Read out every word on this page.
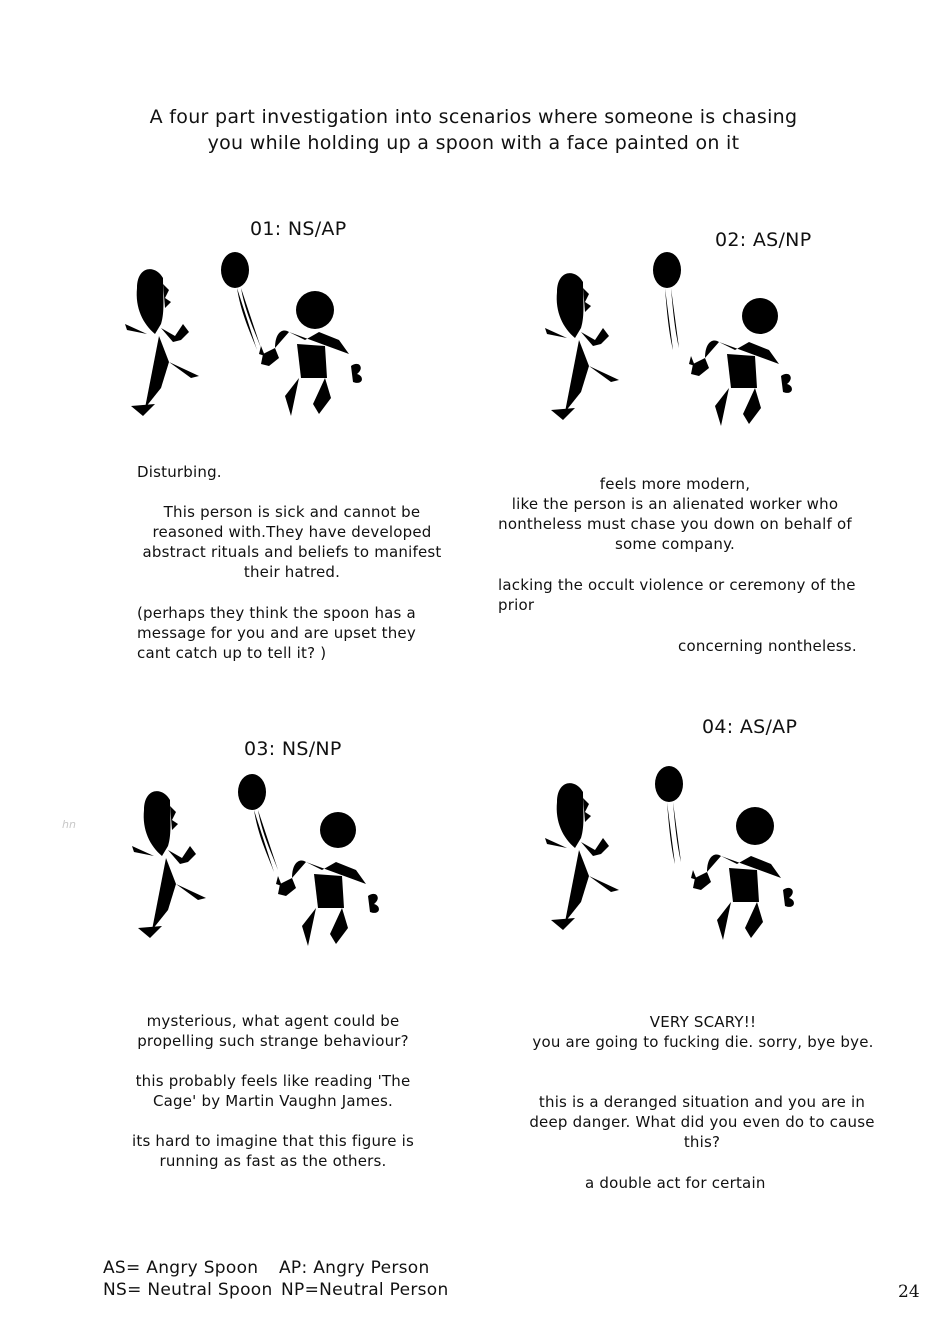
A four part investigation into scenarios where someone is chasing
you while holding up a spoon with a face painted on it
01: NS/AP
Disturbing.
This person is sick and cannot be
reasoned with.They have developed
abstract rituals and beliefs to manifest
their hatred.
(perhaps they think the spoon has a
message for you and are upset they
cant catch up to tell it? )
02: AS/NP
feels more modern,
like the person is an alienated worker who
nontheless must chase you down on behalf of
some company.
lacking the occult violence or ceremony of the
prior
concerning nontheless.
03: NS/NP
hn
mysterious, what agent could be
propelling such strange behaviour?
this probably feels like reading 'The
Cage' by Martin Vaughn James.
its hard to imagine that this figure is
running as fast as the others.
04: AS/AP
VERY SCARY!!
you are going to fucking die. sorry, bye bye.
this is a deranged situation and you are in
deep danger. What did you even do to cause
this?
a double act for certain
AS= Angry Spoon AP: Angry Person
NS= Neutral Spoon NP=Neutral Person	24
